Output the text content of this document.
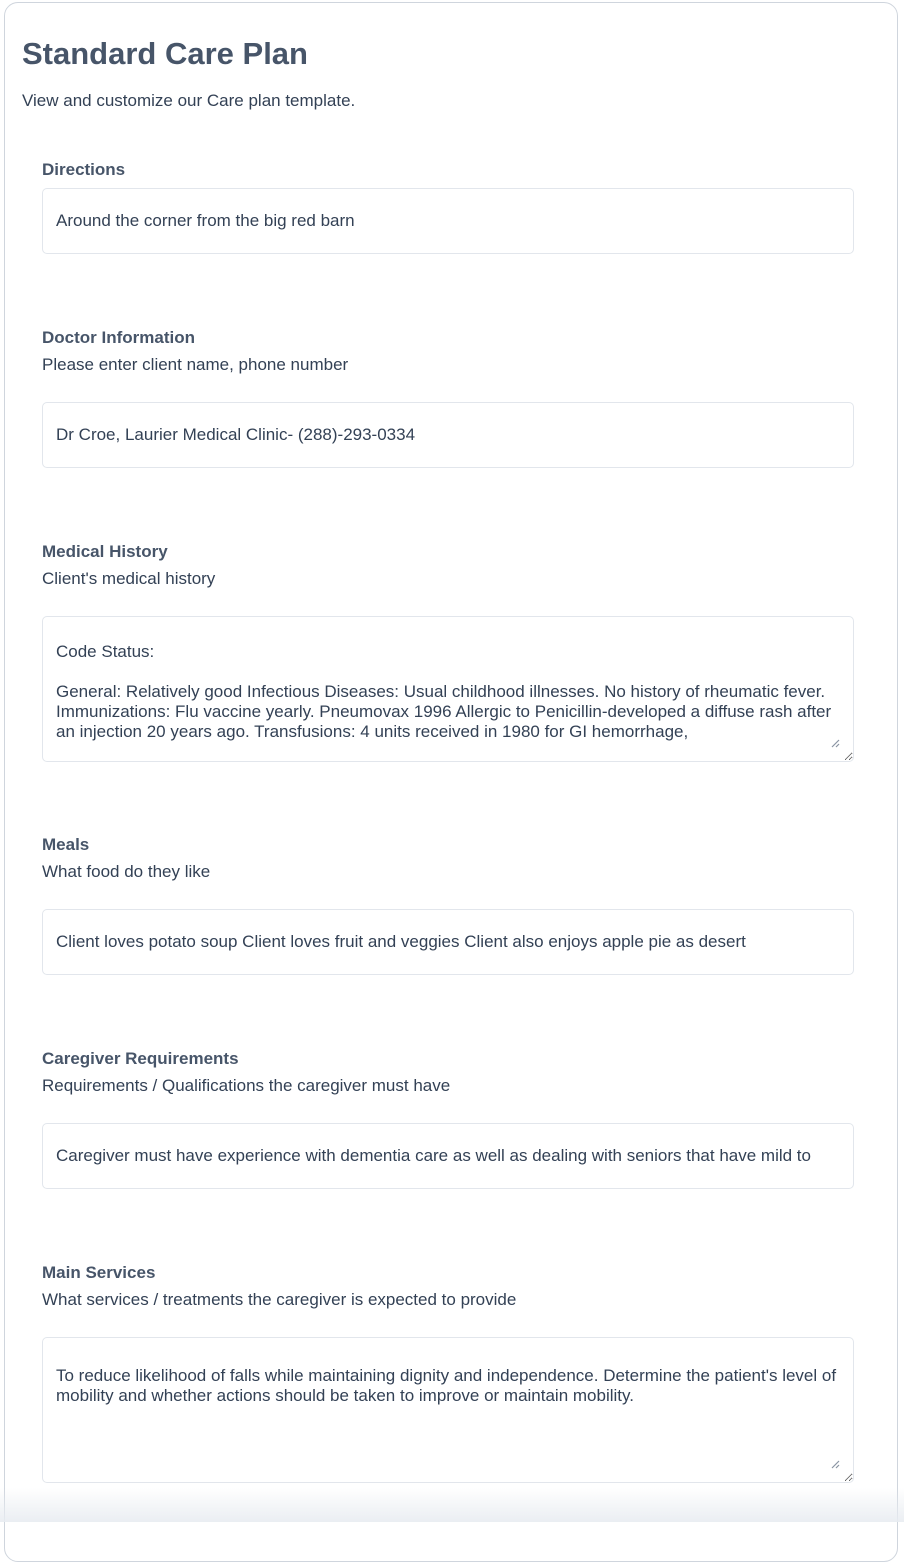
Standard Care Plan

View and customize our Care plan template.

Directions

Around the corner from the big red barn

Doctor Information

Please enter client name, phone number

Dr Croe, Laurier Medical Clinic- (288)-293-0334

Medical History

Client's medical history

Code Status: General: Relatively good Infectious Diseases: Usual childhood illnesses. No history of rheumatic fever. Immunizations: Flu vaccine yearly. Pneumovax 1996 Allergic to Penicillin-developed a diffuse rash after an injection 20 years ago. Transfusions: 4 units received in 1980 for GI hemorrhage,

Meals

What food do they like

Client loves potato soup Client loves fruit and veggies Client also enjoys apple pie as desert

Caregiver Requirements

Requirements / Qualifications the caregiver must have

Caregiver must have experience with dementia care as well as dealing with seniors that have mild to

Main Services

What services / treatments the caregiver is expected to provide

To reduce likelihood of falls while maintaining dignity and independence. Determine the patient's level of mobility and whether actions should be taken to improve or maintain mobility.
